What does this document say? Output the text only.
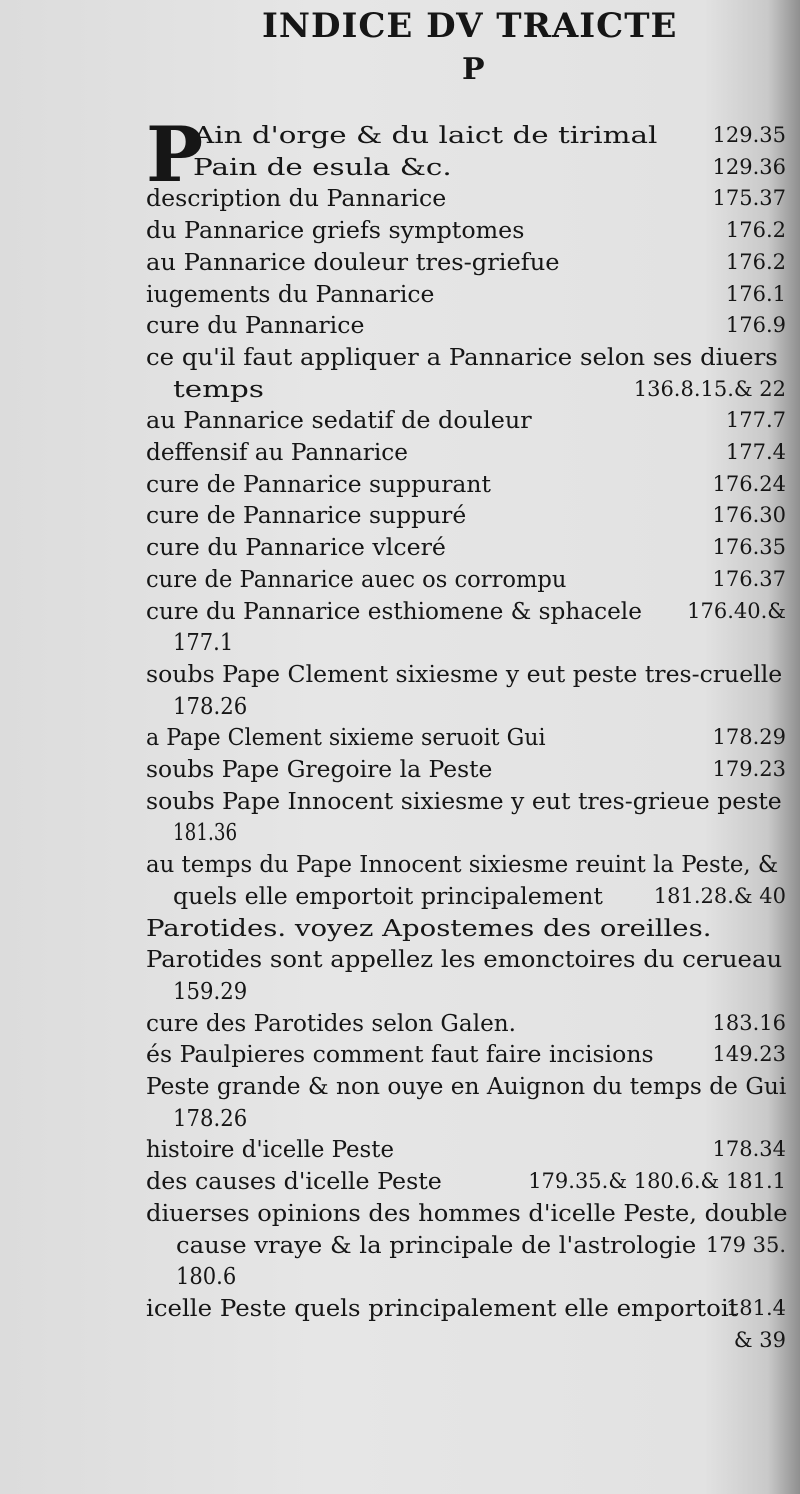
INDICE DV TRAICTE
P
P
Ain d'orge & du laict de tirimal	129.35
Pain de esula &c.	129.36
description du Pannarice	175.37
du Pannarice griefs symptomes	176.2
au Pannarice douleur tres-griefue	176.2
iugements du Pannarice	176.1
cure du Pannarice	176.9
ce qu'il faut appliquer a Pannarice selon ses diuers
temps	136.8.15.& 22
au Pannarice sedatif de douleur	177.7
deffensif au Pannarice	177.4
cure de Pannarice suppurant	176.24
cure de Pannarice suppuré	176.30
cure du Pannarice vlceré	176.35
cure de Pannarice auec os corrompu	176.37
cure du Pannarice esthiomene & sphacele 176.40.&
177.1
soubs Pape Clement sixiesme y eut peste tres-cruelle
178.26
a Pape Clement sixieme seruoit Gui	178.29
soubs Pape Gregoire la Peste	179.23
soubs Pape Innocent sixiesme y eut tres-grieue peste
181.36
au temps du Pape Innocent sixiesme reuint la Peste, &
quels elle emportoit principalement 181.28.& 40
Parotides. voyez Apostemes des oreilles.
Parotides sont appellez les emonctoires du cerueau
159.29
cure des Parotides selon Galen.	183.16
és Paulpieres comment faut faire incisions	149.23
Peste grande & non ouye en Auignon du temps de Gui
178.26
histoire d'icelle Peste	178.34
des causes d'icelle Peste	179.35.& 180.6.& 181.1
diuerses opinions des hommes d'icelle Peste, double
cause vraye & la principale de l'astrologie 179 35.
180.6
icelle Peste quels principalement elle emportoit
181.4
& 39
